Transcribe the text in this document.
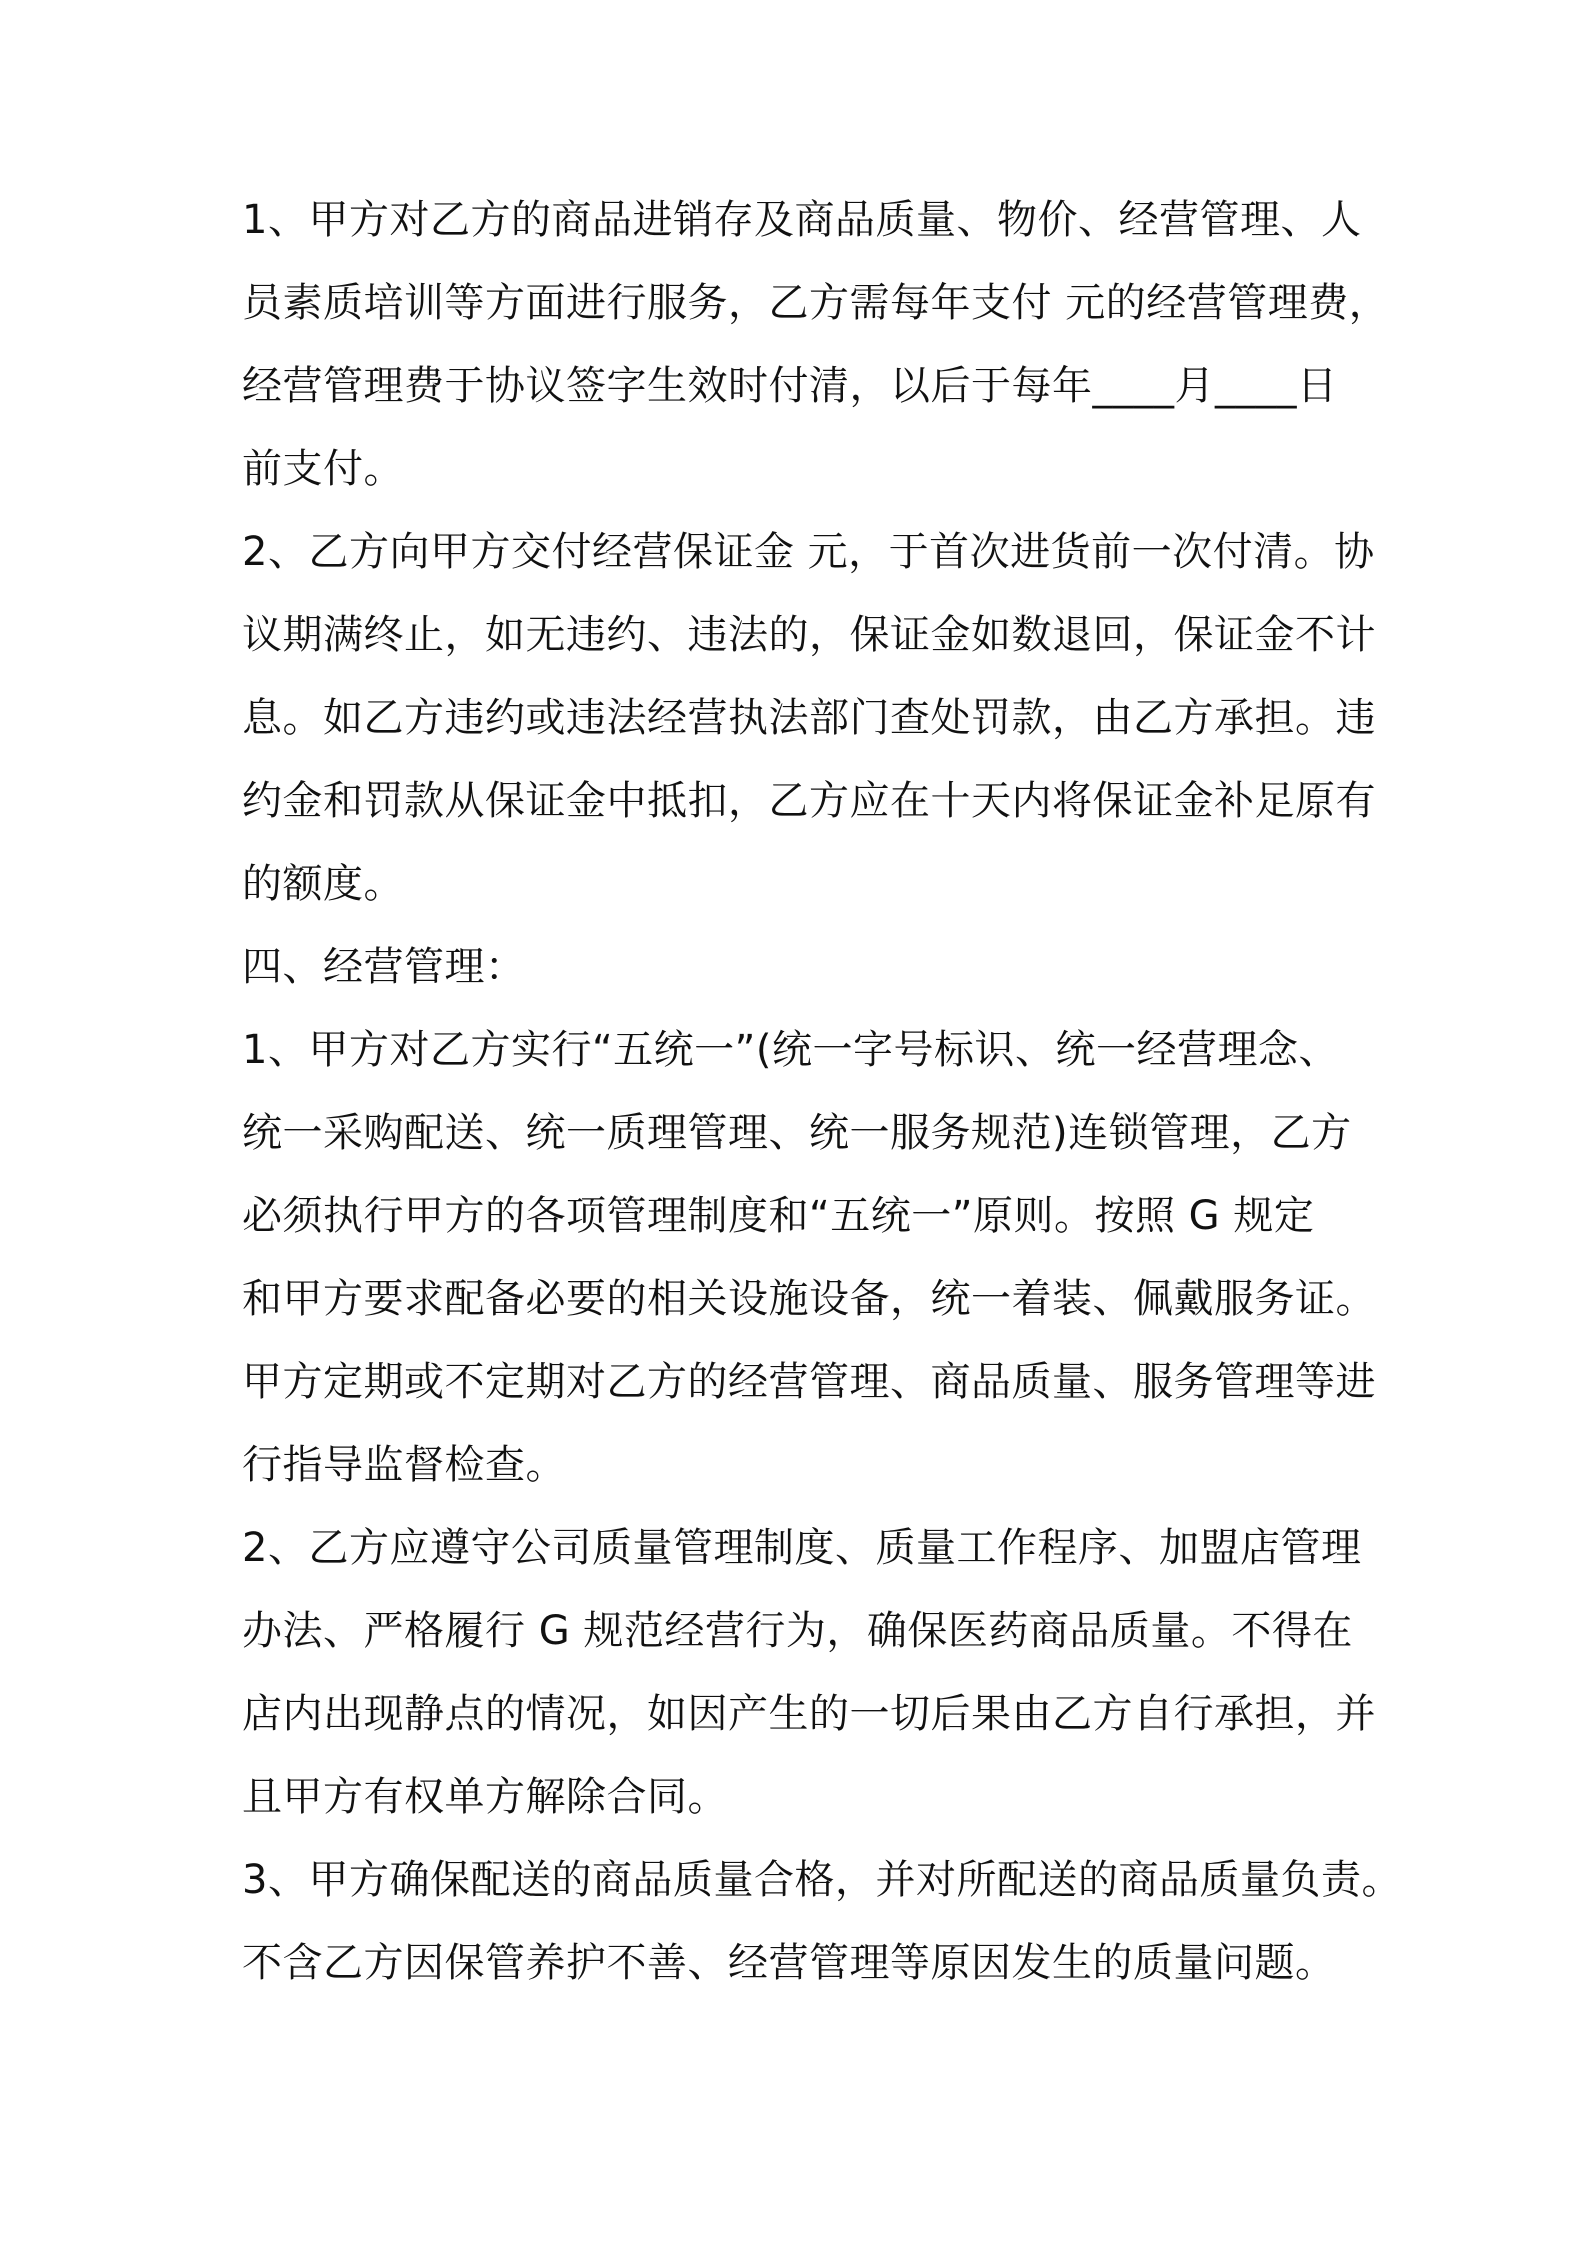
1、甲方对乙方的商品进销存及商品质量、物价、经营管理、人
员素质培训等方面进行服务，乙方需每年支付 元的经营管理费，
经营管理费于协议签字生效时付清，以后于每年____月____日
前支付。
2、乙方向甲方交付经营保证金 元，于首次进货前一次付清。协
议期满终止，如无违约、违法的，保证金如数退回，保证金不计
息。如乙方违约或违法经营执法部门查处罚款，由乙方承担。违
约金和罚款从保证金中抵扣，乙方应在十天内将保证金补足原有
的额度。
四、经营管理：
1、甲方对乙方实行“五统一”(统一字号标识、统一经营理念、
统一采购配送、统一质理管理、统一服务规范)连锁管理，乙方
必须执行甲方的各项管理制度和“五统一”原则。按照 G 规定
和甲方要求配备必要的相关设施设备，统一着装、佩戴服务证。
甲方定期或不定期对乙方的经营管理、商品质量、服务管理等进
行指导监督检查。
2、乙方应遵守公司质量管理制度、质量工作程序、加盟店管理
办法、严格履行 G 规范经营行为，确保医药商品质量。不得在
店内出现静点的情况，如因产生的一切后果由乙方自行承担，并
且甲方有权单方解除合同。
3、甲方确保配送的商品质量合格，并对所配送的商品质量负责。
不含乙方因保管养护不善、经营管理等原因发生的质量问题。
